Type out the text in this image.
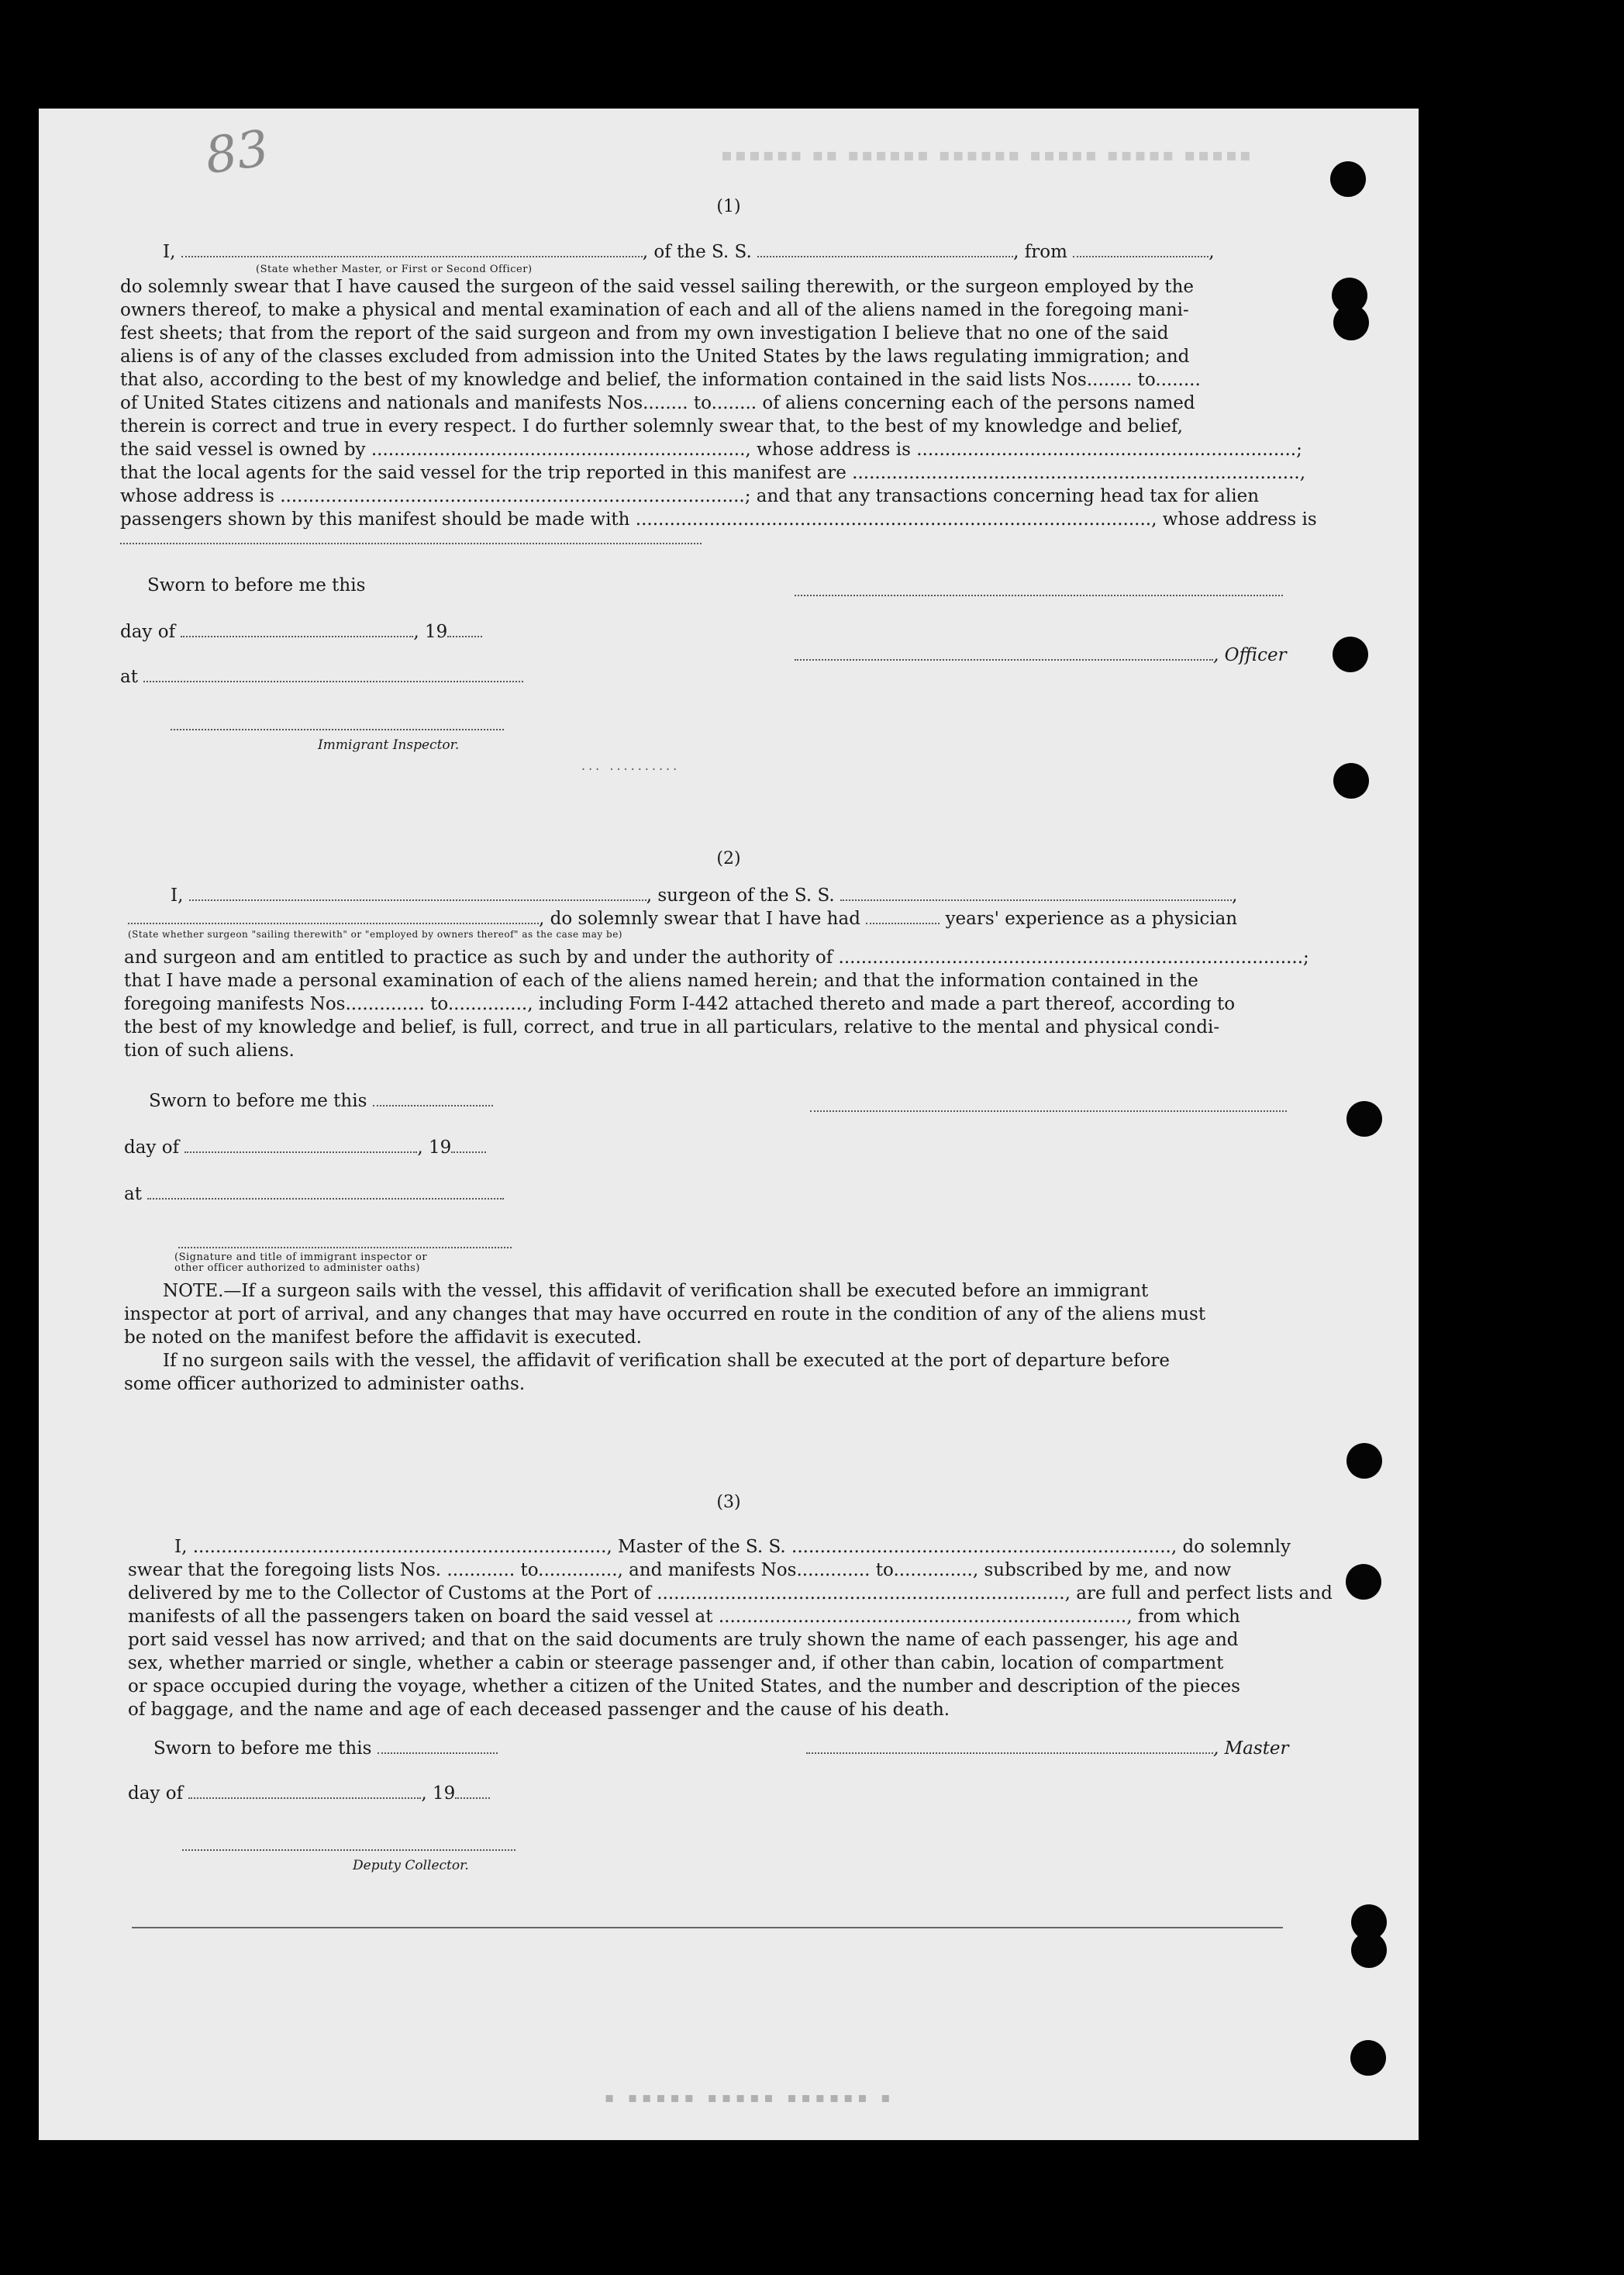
83	▪▪▪▪▪▪ ▪▪ ▪▪▪▪▪▪ ▪▪▪▪▪▪ ▪▪▪▪▪ ▪▪▪▪▪ ▪▪▪▪▪
(1)
I,	, of the S. S.	, from	,
(State whether Master, or First or Second Officer)
do solemnly swear that I have caused the surgeon of the said vessel sailing therewith, or the surgeon employed by the
owners thereof, to make a physical and mental examination of each and all of the aliens named in the foregoing mani-
fest sheets; that from the report of the said surgeon and from my own investigation I believe that no one of the said
aliens is of any of the classes excluded from admission into the United States by the laws regulating immigration; and
that also, according to the best of my knowledge and belief, the information contained in the said lists Nos........ to........
of United States citizens and nationals and manifests Nos........ to........ of aliens concerning each of the persons named
therein is correct and true in every respect. I do further solemnly swear that, to the best of my knowledge and belief,
the said vessel is owned by .................................................................., whose address is ...................................................................;
that the local agents for the said vessel for the trip reported in this manifest are ...............................................................................,
whose address is ..................................................................................; and that any transactions concerning head tax for alien
passengers shown by this manifest should be made with ..........................................................................................., whose address is
Sworn to before me this
day of	, 19
, Officer
at
Immigrant Inspector.
... ..........
(2)
I,	, surgeon of the S. S.	,
, do solemnly swear that I have had	years' experience as a physician
(State whether surgeon "sailing therewith" or "employed by owners thereof" as the case may be)
and surgeon and am entitled to practice as such by and under the authority of ..................................................................................;
that I have made a personal examination of each of the aliens named herein; and that the information contained in the
foregoing manifests Nos.............. to.............., including Form I-442 attached thereto and made a part thereof, according to
the best of my knowledge and belief, is full, correct, and true in all particulars, relative to the mental and physical condi-
tion of such aliens.
Sworn to before me this
day of	, 19
at
(Signature and title of immigrant inspector or
other officer authorized to administer oaths)
NOTE.—If a surgeon sails with the vessel, this affidavit of verification shall be executed before an immigrant
inspector at port of arrival, and any changes that may have occurred en route in the condition of any of the aliens must
be noted on the manifest before the affidavit is executed.
If no surgeon sails with the vessel, the affidavit of verification shall be executed at the port of departure before
some officer authorized to administer oaths.
(3)
I, ........................................................................., Master of the S. S. ..................................................................., do solemnly
swear that the foregoing lists Nos. ............ to.............., and manifests Nos............. to.............., subscribed by me, and now
delivered by me to the Collector of Customs at the Port of ........................................................................, are full and perfect lists and
manifests of all the passengers taken on board the said vessel at ........................................................................, from which
port said vessel has now arrived; and that on the said documents are truly shown the name of each passenger, his age and
sex, whether married or single, whether a cabin or steerage passenger and, if other than cabin, location of compartment
or space occupied during the voyage, whether a citizen of the United States, and the number and description of the pieces
of baggage, and the name and age of each deceased passenger and the cause of his death.
Sworn to before me this	, Master
day of	, 19
Deputy Collector.
▪ ▪▪▪▪▪ ▪▪▪▪▪ ▪▪▪▪▪▪ ▪
